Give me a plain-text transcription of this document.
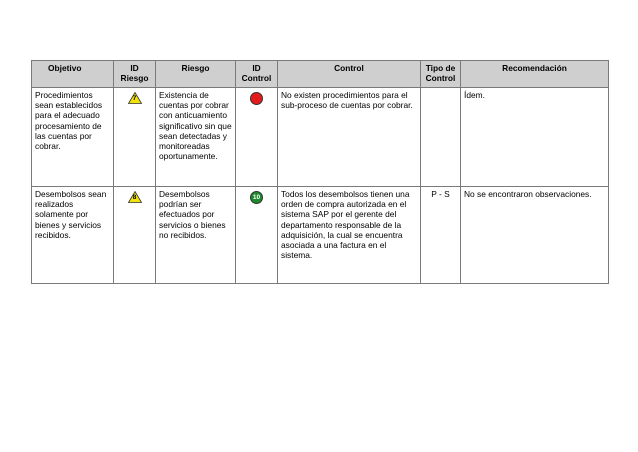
Objetivo	ID Riesgo	Riesgo	ID Control	Control	Tipo de Control	Recomendación
Procedimientos sean establecidos para el adecuado procesamiento de las cuentas por cobrar.	7	Existencia de cuentas por cobrar con anticuamiento significativo sin que sean detectadas y monitoreadas oportunamente.		No existen procedimientos para el sub-proceso de cuentas por cobrar.		Ídem.
Desembolsos sean realizados solamente por bienes y servicios recibidos.	8	Desembolsos podrían ser efectuados por servicios o bienes no recibidos.	10	Todos los desembolsos tienen una orden de compra autorizada en el sistema SAP por el gerente del departamento responsable de la adquisición, la cual se encuentra asociada a una factura en el sistema.	P - S	No se encontraron observaciones.
